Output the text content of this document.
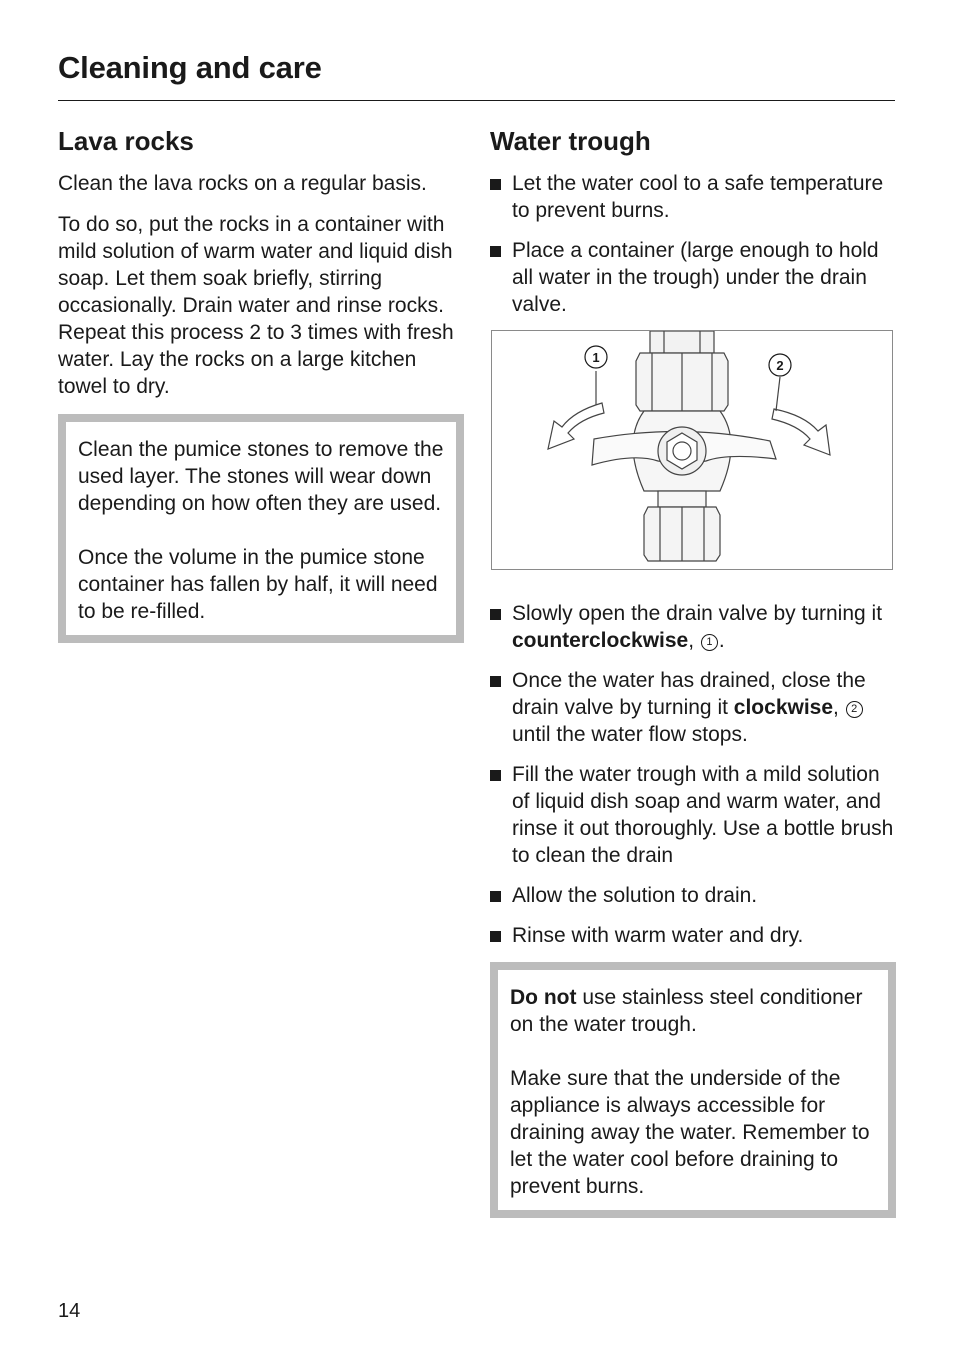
Cleaning and care
Lava rocks

Clean the lava rocks on a regular basis.

To do so, put the rocks in a container with mild solution of warm water and liquid dish soap. Let them soak briefly, stirring occasionally. Drain water and rinse rocks. Repeat this process 2 to 3 times with fresh water. Lay the rocks on a large kitchen towel to dry.

Clean the pumice stones to remove the used layer. The stones will wear down depending on how often they are used.

Once the volume in the pumice stone container has fallen by half, it will need to be re-filled.

Water trough
Let the water cool to a safe temperature to prevent burns.
Place a container (large enough to hold all water in the trough) under the drain valve.
1
2
Slowly open the drain valve by turning it counterclockwise, 1 .
Once the water has drained, close the drain valve by turning it clockwise, 2 until the water flow stops.
Fill the water trough with a mild solution of liquid dish soap and warm water, and rinse it out thoroughly. Use a bottle brush to clean the drain
Allow the solution to drain.
Rinse with warm water and dry.

Do not use stainless steel conditioner on the water trough.

Make sure that the underside of the appliance is always accessible for draining away the water. Remember to let the water cool before draining to prevent burns.

14
